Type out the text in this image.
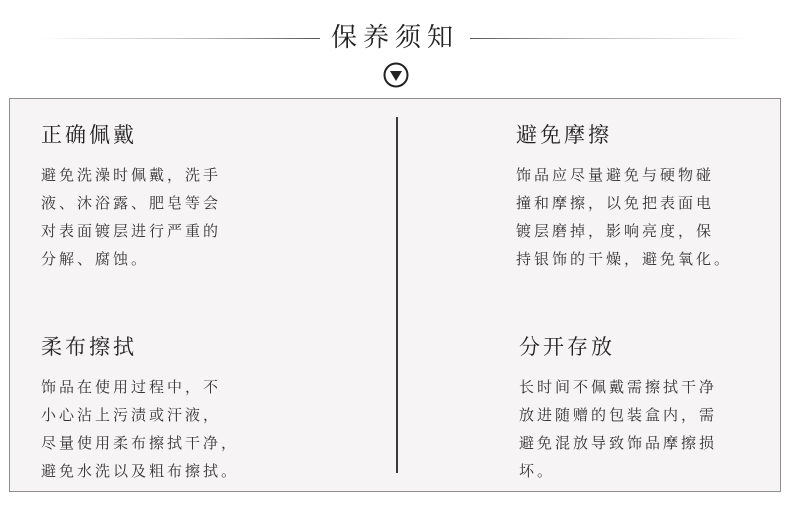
保养须知
正确佩戴

避免洗澡时佩戴，洗手
液、沐浴露、肥皂等会
对表面镀层进行严重的
分解、腐蚀。

避免摩擦

饰品应尽量避免与硬物碰
撞和摩擦，以免把表面电
镀层磨掉，影响亮度，保
持银饰的干燥，避免氧化。

柔布擦拭

饰品在使用过程中，不
小心沾上污渍或汗液，
尽量使用柔布擦拭干净，
避免水洗以及粗布擦拭。

分开存放

长时间不佩戴需擦拭干净
放进随赠的包装盒内，需
避免混放导致饰品摩擦损
坏。
